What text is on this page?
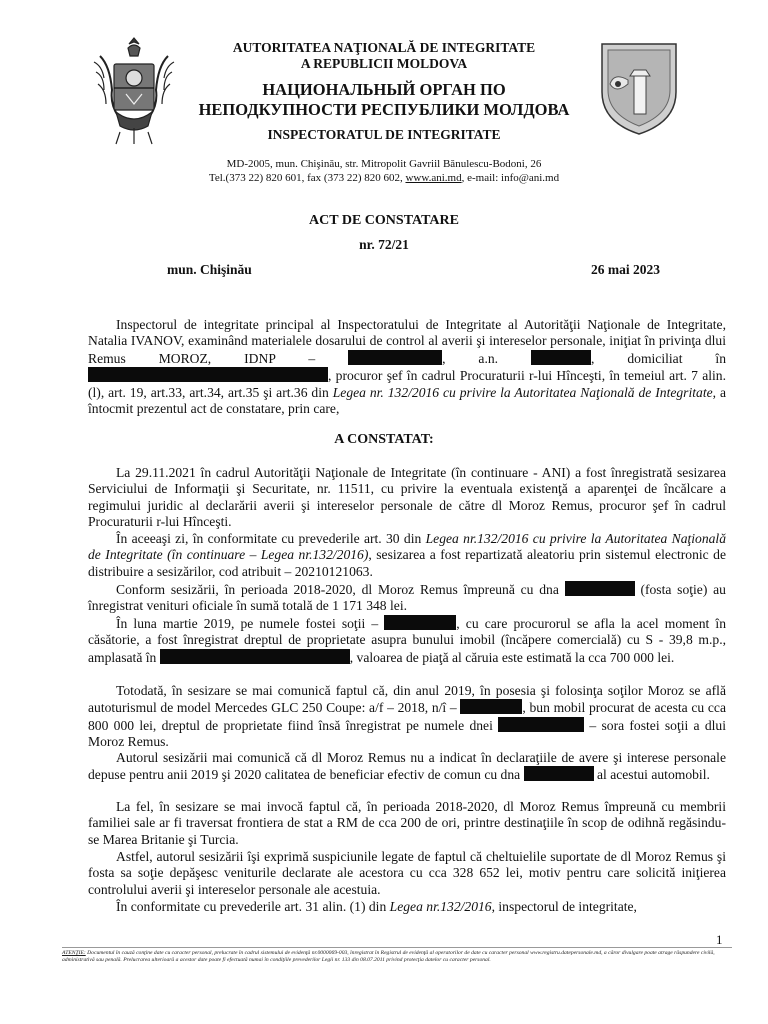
AUTORITATEA NAŢIONALĂ DE INTEGRITATE
A REPUBLICII MOLDOVA
НАЦИОНАЛЬНЫЙ ОРГАН ПО
НЕПОДКУПНОСТИ РЕСПУБЛИКИ МОЛДОВА
INSPECTORATUL DE INTEGRITATE
MD-2005, mun. Chişinău, str. Mitropolit Gavriil Bănulescu-Bodoni, 26
Tel.(373 22) 820 601, fax (373 22) 820 602, www.ani.md, e-mail: info@ani.md
ACT DE CONSTATARE
nr. 72/21
mun. Chişinău	26 mai 2023
Inspectorul de integritate principal al Inspectoratului de Integritate al Autorităţii Naţionale de Integritate, Natalia IVANOV, examinând materialele dosarului de control al averii şi intereselor personale, iniţiat în privinţa dlui Remus MOROZ, IDNP –	, a.n.	, domiciliat în , procuror şef în cadrul Procuraturii r-lui Hînceşti, în temeiul art. 7 alin. (l), art. 19, art.33, art.34, art.35 şi art.36 din Legea nr. 132/2016 cu privire la Autoritatea Naţională de Integritate, a întocmit prezentul act de constatare, prin care,
A CONSTATAT:
La 29.11.2021 în cadrul Autorităţii Naţionale de Integritate (în continuare - ANI) a fost înregistrată sesizarea Serviciului de Informaţii şi Securitate, nr. 11511, cu privire la eventuala existenţă a aparenţei de încălcare a regimului juridic al declarării averii şi intereselor personale de către dl Moroz Remus, procuror şef în cadrul Procuraturii r-lui Hînceşti.
În aceeaşi zi, în conformitate cu prevederile art. 30 din Legea nr.132/2016 cu privire la Autoritatea Naţională de Integritate (în continuare – Legea nr.132/2016), sesizarea a fost repartizată aleatoriu prin sistemul electronic de distribuire a sesizărilor, cod atribuit – 20210121063.
Conform sesizării, în perioada 2018-2020, dl Moroz Remus împreună cu dna	(fosta soţie) au înregistrat venituri oficiale în sumă totală de 1 171 348 lei.
În luna martie 2019, pe numele fostei soţii –	, cu care procurorul se afla la acel moment în căsătorie, a fost înregistrat dreptul de proprietate asupra bunului imobil (încăpere comercială) cu S - 39,8 m.p., amplasată în	, valoarea de piaţă al căruia este estimată la cca 700 000 lei.
Totodată, în sesizare se mai comunică faptul că, din anul 2019, în posesia şi folosinţa soţilor Moroz se află autoturismul de model Mercedes GLC 250 Coupe: a/f – 2018, n/î –	, bun mobil procurat de acesta cu cca 800 000 lei, dreptul de proprietate fiind însă înregistrat pe numele dnei	– sora fostei soţii a dlui Moroz Remus.
Autorul sesizării mai comunică că dl Moroz Remus nu a indicat în declaraţiile de avere şi interese personale depuse pentru anii 2019 şi 2020 calitatea de beneficiar efectiv de comun cu dna	al acestui automobil.
La fel, în sesizare se mai invocă faptul că, în perioada 2018-2020, dl Moroz Remus împreună cu membrii familiei sale ar fi traversat frontiera de stat a RM de cca 200 de ori, printre destinaţiile în scop de odihnă regăsindu-se Marea Britanie şi Turcia.
Astfel, autorul sesizării îşi exprimă suspiciunile legate de faptul că cheltuielile suportate de dl Moroz Remus şi fosta sa soţie depăşesc veniturile declarate ale acestora cu cca 328 652 lei, motiv pentru care solicită iniţierea controlului averii şi intereselor personale ale acestuia.
În conformitate cu prevederile art. 31 alin. (1) din Legea nr.132/2016, inspectorul de integritate,
1
ATENŢIE: Documentul în cauză conţine date cu caracter personal, prelucrate în cadrul sistemului de evidenţă nr.0000069-003, înregistrat în Registrul de evidenţă al operatorilor de date cu caracter personal www.registru.datepersonale.md, a căror divulgare poate atrage răspundere civilă, administrativă sau penală. Prelucrarea ulterioară a acestor date poate fi efectuată numai în condiţiile prevederilor Legii nr. 133 din 08.07.2011 privind protecţia datelor cu caracter personal.
